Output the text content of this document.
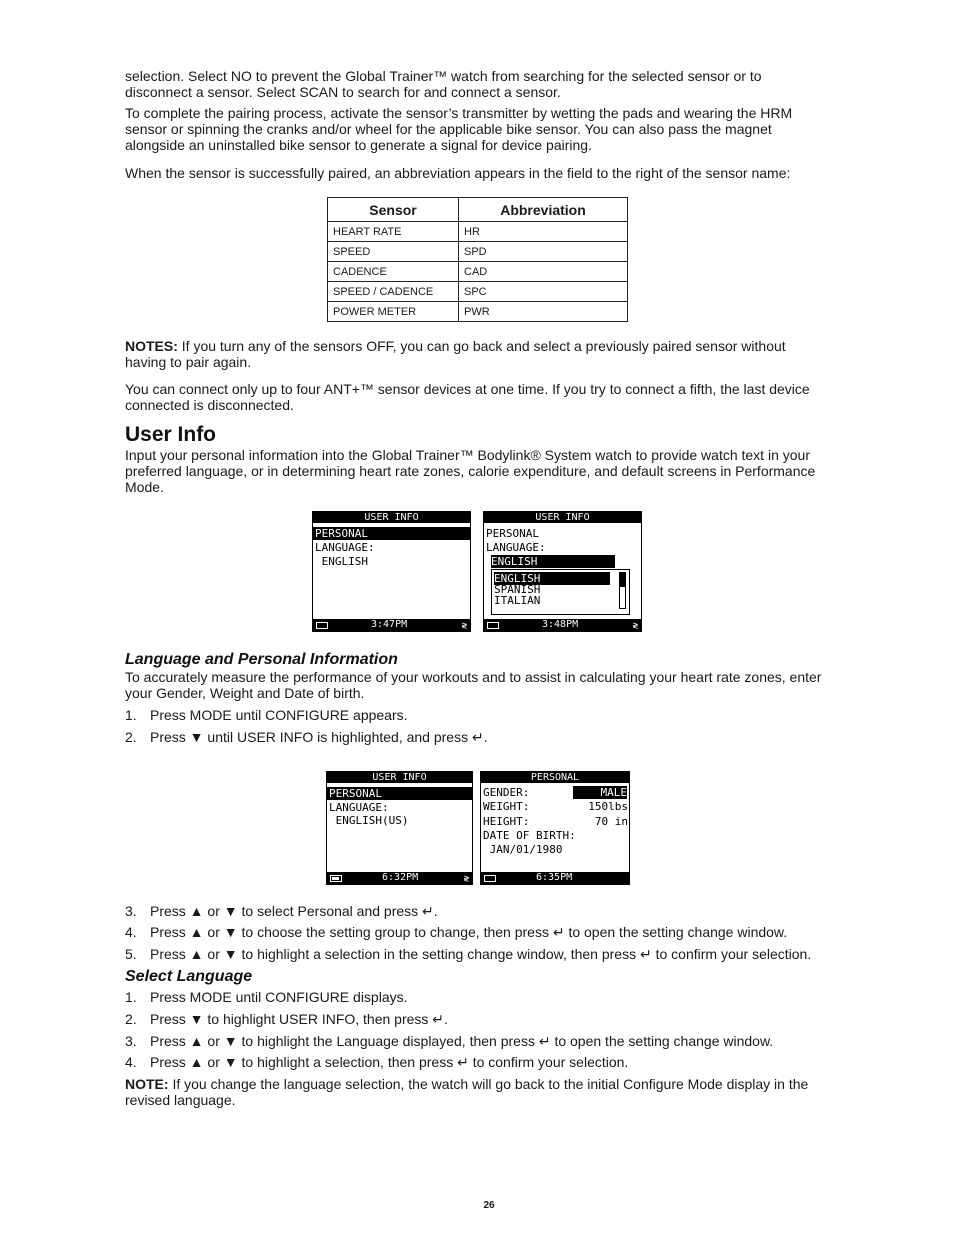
selection. Select NO to prevent the Global Trainer™ watch from searching for the selected sensor or to disconnect a sensor. Select SCAN to search for and connect a sensor.

To complete the pairing process, activate the sensor’s transmitter by wetting the pads and wearing the HRM sensor or spinning the cranks and/or wheel for the applicable bike sensor. You can also pass the magnet alongside an uninstalled bike sensor to generate a signal for device pairing.

When the sensor is successfully paired, an abbreviation appears in the field to the right of the sensor name:

Sensor	Abbreviation
HEART RATE	HR
SPEED	SPD
CADENCE	CAD
SPEED / CADENCE	SPC
POWER METER	PWR

NOTES: If you turn any of the sensors OFF, you can go back and select a previously paired sensor without having to pair again.

You can connect only up to four ANT+™ sensor devices at one time. If you try to connect a fifth, the last device connected is disconnected.

User Info

Input your personal information into the Global Trainer™ Bodylink® System watch to provide watch text in your preferred language, or in determining heart rate zones, calorie expenditure, and default screens in Performance Mode.

USER INFO
PERSONAL
LANGUAGE:
ENGLISH
3:47PM	≷
USER INFO
PERSONAL
LANGUAGE:
ENGLISH
ENGLISH
SPANISH
ITALIAN
3:48PM	≷
Language and Personal Information

To accurately measure the performance of your workouts and to assist in calculating your heart rate zones, enter your Gender, Weight and Date of birth.

1. Press MODE until CONFIGURE appears.
2. Press ▼ until USER INFO is highlighted, and press ↵.
USER INFO
PERSONAL
LANGUAGE:
ENGLISH(US)
6:32PM	≷
PERSONAL
GENDER:	MALE
WEIGHT:	150lbs
HEIGHT:	70 in
DATE OF BIRTH:
JAN/01/1980
6:35PM
3. Press ▲ or ▼ to select Personal and press ↵.
4. Press ▲ or ▼ to choose the setting group to change, then press ↵ to open the setting change window.
5. Press ▲ or ▼ to highlight a selection in the setting change window, then press ↵ to confirm your selection.
Select Language
1. Press MODE until CONFIGURE displays.
2. Press ▼ to highlight USER INFO, then press ↵.
3. Press ▲ or ▼ to highlight the Language displayed, then press ↵ to open the setting change window.
4. Press ▲ or ▼ to highlight a selection, then press ↵ to confirm your selection.

NOTE: If you change the language selection, the watch will go back to the initial Configure Mode display in the revised language.

26
